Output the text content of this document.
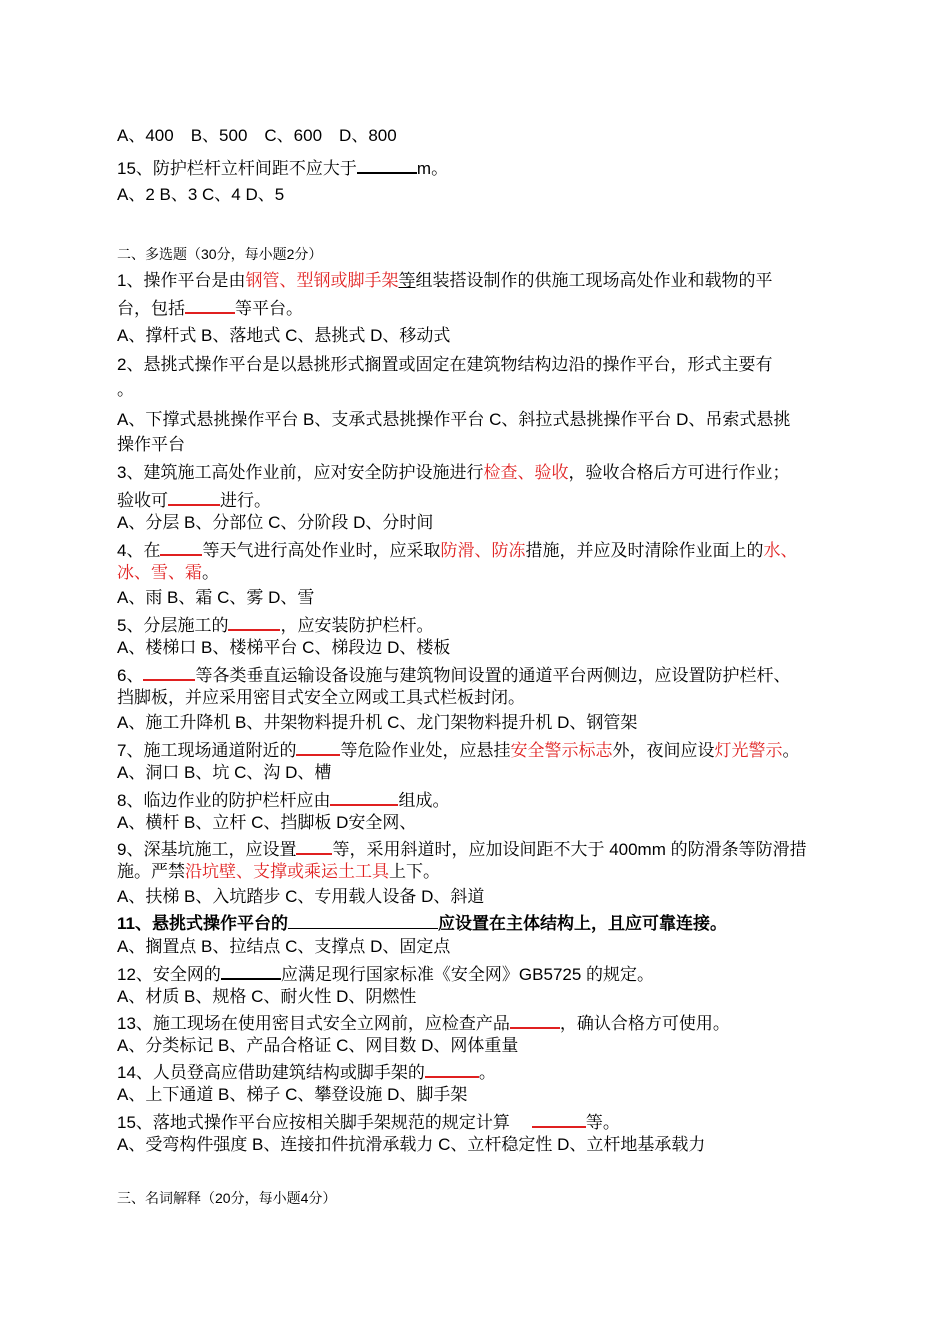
A、400　B、500　C、600　D、800
15、防护栏杆立杆间距不应大于	m。
A、2 B、3 C、4 D、5
二、多选题（30分，每小题2分）
1、操作平台是由钢管、型钢或脚手架等组装搭设制作的供施工现场高处作业和载物的平
台，包括	等平台。
A、撑杆式 B、落地式 C、悬挑式 D、移动式
2、悬挑式操作平台是以悬挑形式搁置或固定在建筑物结构边沿的操作平台，形式主要有
。
A、下撑式悬挑操作平台 B、支承式悬挑操作平台 C、斜拉式悬挑操作平台 D、吊索式悬挑
操作平台
3、建筑施工高处作业前，应对安全防护设施进行检查、验收，验收合格后方可进行作业；
验收可	进行。
A、分层 B、分部位 C、分阶段 D、分时间
4、在 等天气进行高处作业时，应采取防滑、防冻措施，并应及时清除作业面上的水、
冰、雪、霜。
A、雨 B、霜 C、雾 D、雪
5、分层施工的	，应安装防护栏杆。
A、楼梯口 B、楼梯平台 C、梯段边 D、楼板
6、	等各类垂直运输设备设施与建筑物间设置的通道平台两侧边，应设置防护栏杆、
挡脚板，并应采用密目式安全立网或工具式栏板封闭。
A、施工升降机 B、井架物料提升机 C、龙门架物料提升机 D、钢管架
7、施工现场通道附近的	等危险作业处，应悬挂安全警示标志外，夜间应设灯光警示。
A、洞口 B、坑 C、沟 D、槽
8、临边作业的防护栏杆应由	组成。
A、横杆 B、立杆 C、挡脚板 D安全网、
9、深基坑施工，应设置 等，采用斜道时，应加设间距不大于 400mm 的防滑条等防滑措
施。严禁沿坑壁、支撑或乘运土工具上下。
A、扶梯 B、入坑踏步 C、专用载人设备 D、斜道
11、悬挑式操作平台的	应设置在主体结构上，且应可靠连接。
A、搁置点 B、拉结点 C、支撑点 D、固定点
12、安全网的	应满足现行国家标准《安全网》GB5725 的规定。
A、材质 B、规格 C、耐火性 D、阴燃性
13、施工现场在使用密目式安全立网前，应检查产品	，确认合格方可使用。
A、分类标记 B、产品合格证 C、网目数 D、网体重量
14、人员登高应借助建筑结构或脚手架的	。
A、上下通道 B、梯子 C、攀登设施 D、脚手架
15、落地式操作平台应按相关脚手架规范的规定计算	等。
A、受弯构件强度 B、连接扣件抗滑承载力 C、立杆稳定性 D、立杆地基承载力
三、名词解释（20分，每小题4分）
